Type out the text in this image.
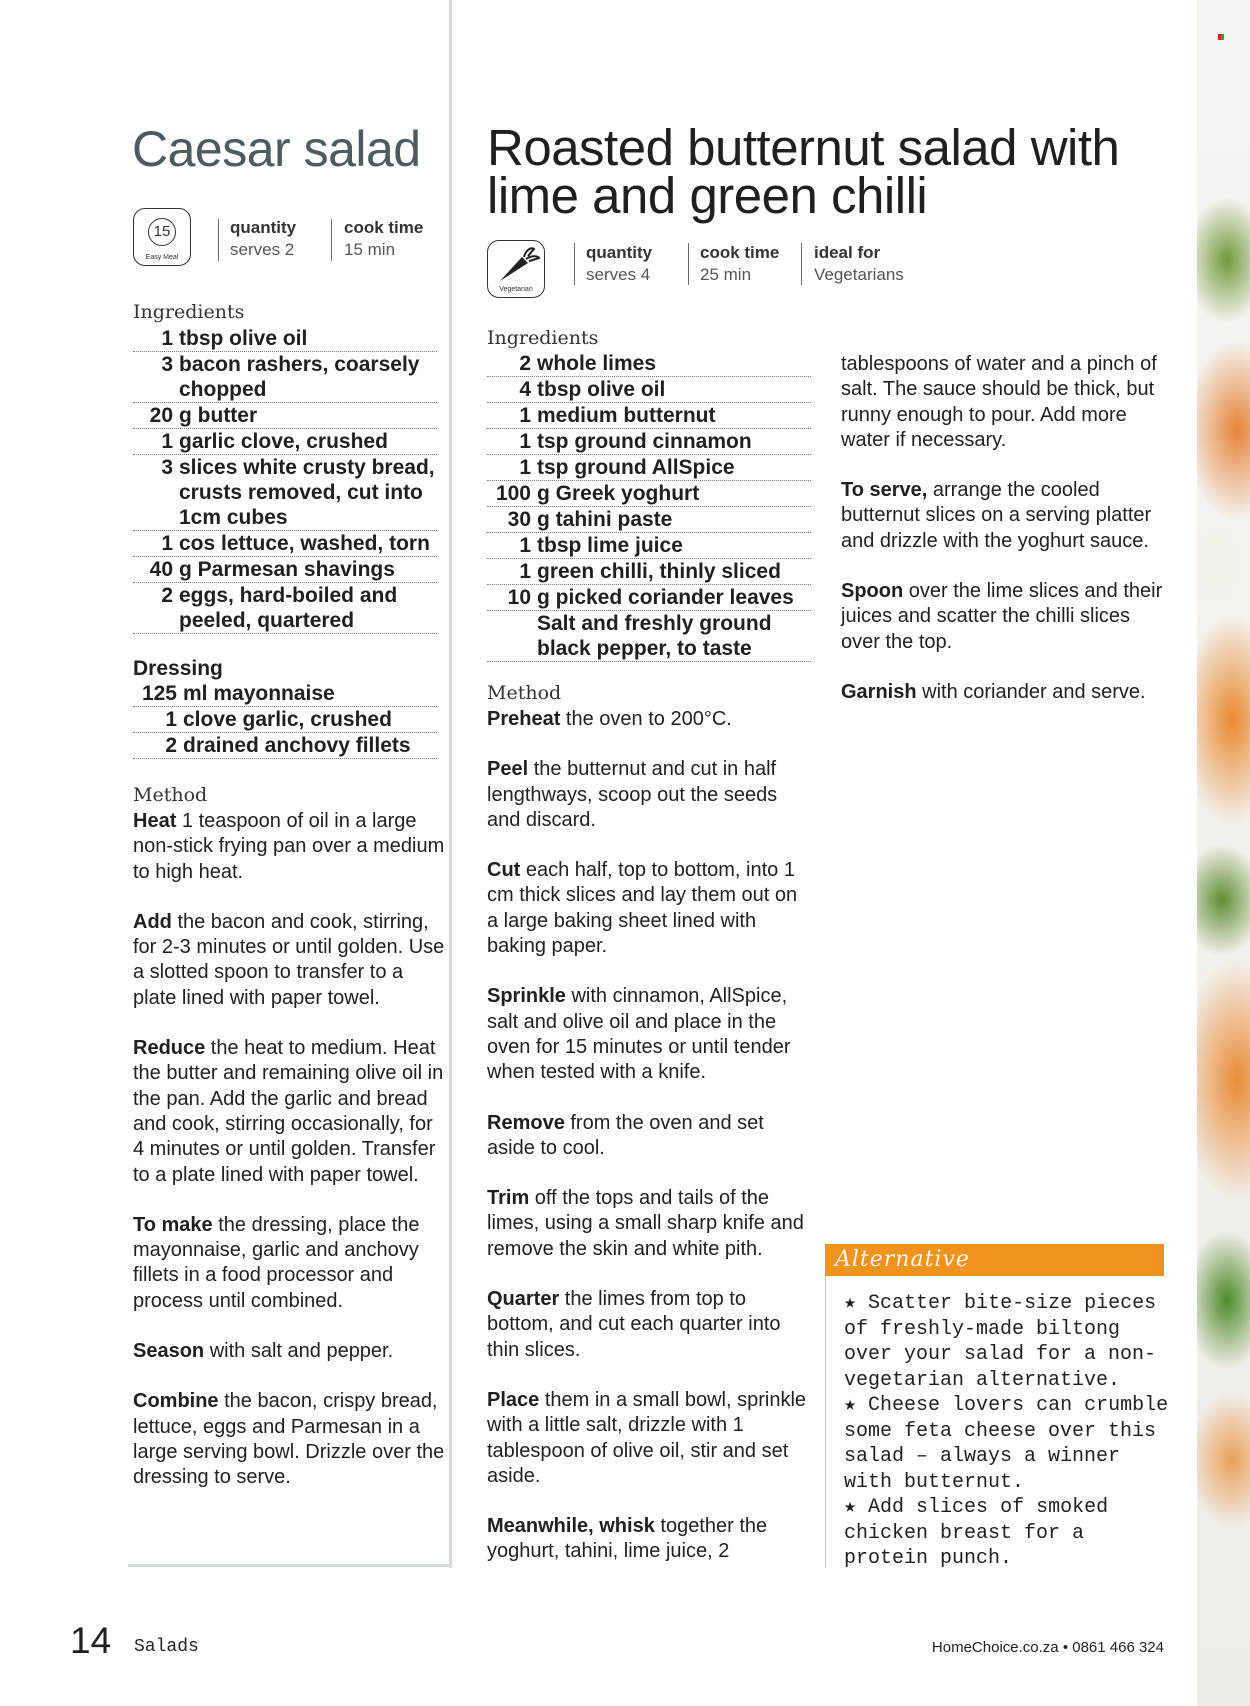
Caesar salad
15
Easy Meal
quantity
serves 2
cook time
15 min
Ingredients
1 tbsp olive oil
3 bacon rashers, coarsely chopped
20 g butter
1 garlic clove, crushed
3 slices white crusty bread, crusts removed, cut into 1cm cubes
1 cos lettuce, washed, torn
40 g Parmesan shavings
2 eggs, hard-boiled and peeled, quartered
Dressing
125 ml mayonnaise
1 clove garlic, crushed
2 drained anchovy fillets
Method

Heat 1 teaspoon of oil in a large non-stick frying pan over a medium to high heat.

Add the bacon and cook, stirring, for 2-3 minutes or until golden. Use a slotted spoon to transfer to a plate lined with paper towel.

Reduce the heat to medium. Heat the butter and remaining olive oil in the pan. Add the garlic and bread and cook, stirring occasionally, for 4 minutes or until golden. Transfer to a plate lined with paper towel.

To make the dressing, place the mayonnaise, garlic and anchovy fillets in a food processor and process until combined.

Season with salt and pepper.

Combine the bacon, crispy bread, lettuce, eggs and Parmesan in a large serving bowl. Drizzle over the dressing to serve.

Roasted butternut salad with lime and green chilli
Vegetarian
quantity
serves 4
cook time
25 min
ideal for
Vegetarians
Ingredients
2 whole limes
4 tbsp olive oil
1 medium butternut
1 tsp ground cinnamon
1 tsp ground AllSpice
100 g Greek yoghurt
30 g tahini paste
1 tbsp lime juice
1 green chilli, thinly sliced
10 g picked coriander leaves
Salt and freshly ground black pepper, to taste
Method

Preheat the oven to 200°C.

Peel the butternut and cut in half lengthways, scoop out the seeds and discard.

Cut each half, top to bottom, into 1 cm thick slices and lay them out on a large baking sheet lined with baking paper.

Sprinkle with cinnamon, AllSpice, salt and olive oil and place in the oven for 15 minutes or until tender when tested with a knife.

Remove from the oven and set aside to cool.

Trim off the tops and tails of the limes, using a small sharp knife and remove the skin and white pith.

Quarter the limes from top to bottom, and cut each quarter into thin slices.

Place them in a small bowl, sprinkle with a little salt, drizzle with 1 tablespoon of olive oil, stir and set aside.

Meanwhile, whisk together the yoghurt, tahini, lime juice, 2

tablespoons of water and a pinch of salt. The sauce should be thick, but runny enough to pour. Add more water if necessary.

To serve, arrange the cooled butternut slices on a serving platter and drizzle with the yoghurt sauce.

Spoon over the lime slices and their juices and scatter the chilli slices over the top.

Garnish with coriander and serve.

Alternative

★ Scatter bite-size pieces of freshly-made biltong over your salad for a non-vegetarian alternative.

★ Cheese lovers can crumble some feta cheese over this salad – always a winner with butternut.

★ Add slices of smoked chicken breast for a protein punch.

14 Salads	HomeChoice.co.za • 0861 466 324
